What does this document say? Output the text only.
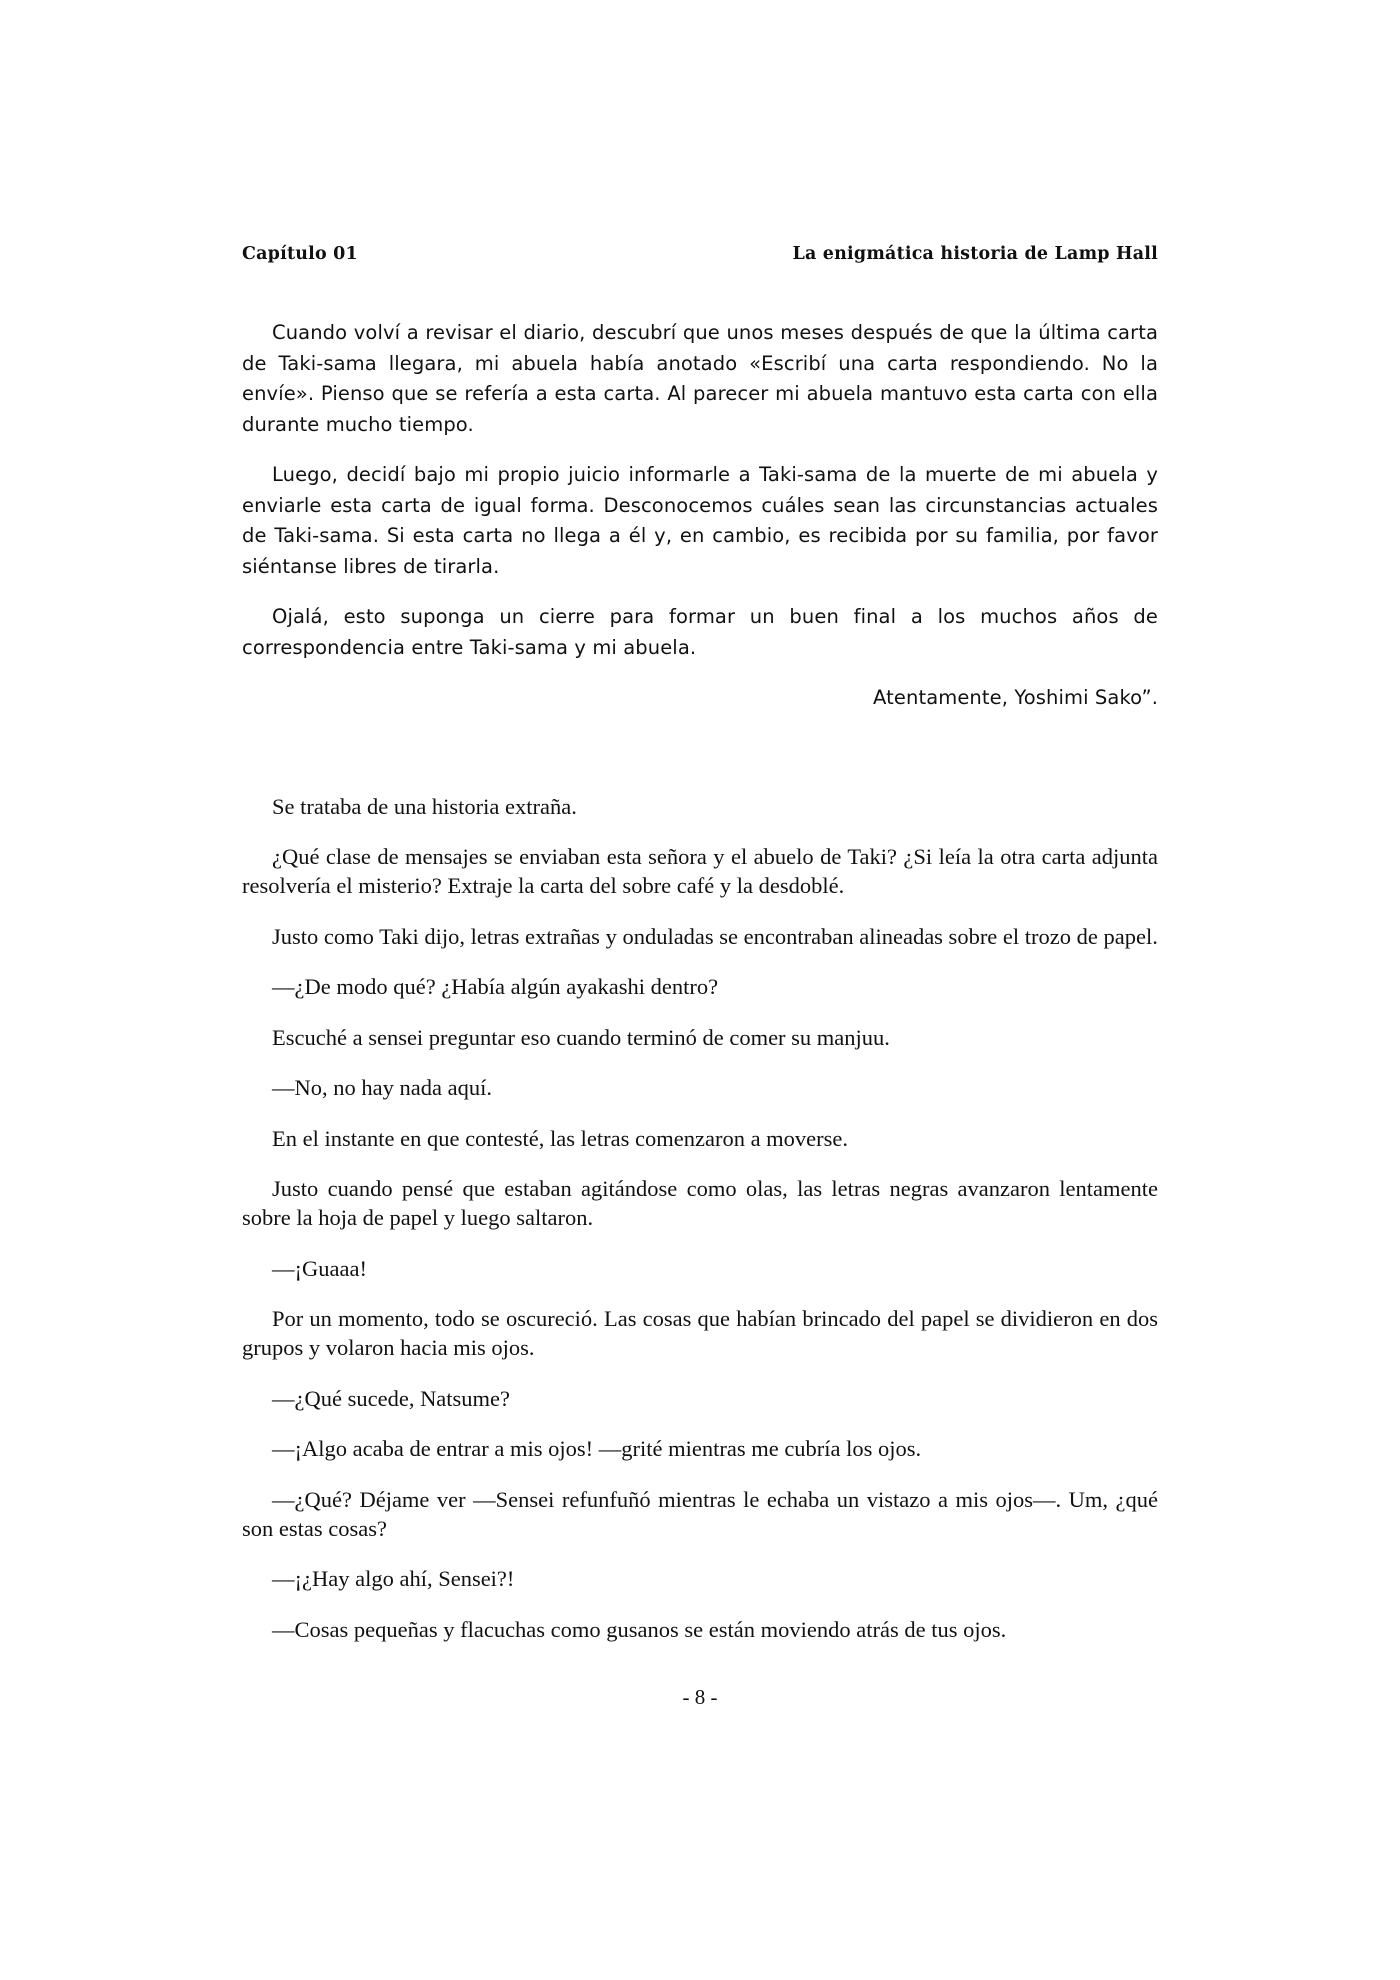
Capítulo 01	La enigmática historia de Lamp Hall

Cuando volví a revisar el diario, descubrí que unos meses después de que la última carta de Taki-sama llegara, mi abuela había anotado «Escribí una carta respondiendo. No la envíe». Pienso que se refería a esta carta. Al parecer mi abuela mantuvo esta carta con ella durante mucho tiempo.

Luego, decidí bajo mi propio juicio informarle a Taki-sama de la muerte de mi abuela y enviarle esta carta de igual forma. Desconocemos cuáles sean las circunstancias actuales de Taki-sama. Si esta carta no llega a él y, en cambio, es recibida por su familia, por favor siéntanse libres de tirarla.

Ojalá, esto suponga un cierre para formar un buen final a los muchos años de correspondencia entre Taki-sama y mi abuela.

Atentamente, Yoshimi Sako”.

Se trataba de una historia extraña.

¿Qué clase de mensajes se enviaban esta señora y el abuelo de Taki? ¿Si leía la otra carta adjunta resolvería el misterio? Extraje la carta del sobre café y la desdoblé.

Justo como Taki dijo, letras extrañas y onduladas se encontraban alineadas sobre el trozo de papel.

—¿De modo qué? ¿Había algún ayakashi dentro?

Escuché a sensei preguntar eso cuando terminó de comer su manjuu.

—No, no hay nada aquí.

En el instante en que contesté, las letras comenzaron a moverse.

Justo cuando pensé que estaban agitándose como olas, las letras negras avanzaron lentamente sobre la hoja de papel y luego saltaron.

—¡Guaaa!

Por un momento, todo se oscureció. Las cosas que habían brincado del papel se dividieron en dos grupos y volaron hacia mis ojos.

—¿Qué sucede, Natsume?

—¡Algo acaba de entrar a mis ojos! —grité mientras me cubría los ojos.

—¿Qué? Déjame ver —Sensei refunfuñó mientras le echaba un vistazo a mis ojos—. Um, ¿qué son estas cosas?

—¡¿Hay algo ahí, Sensei?!

—Cosas pequeñas y flacuchas como gusanos se están moviendo atrás de tus ojos.

- 8 -
